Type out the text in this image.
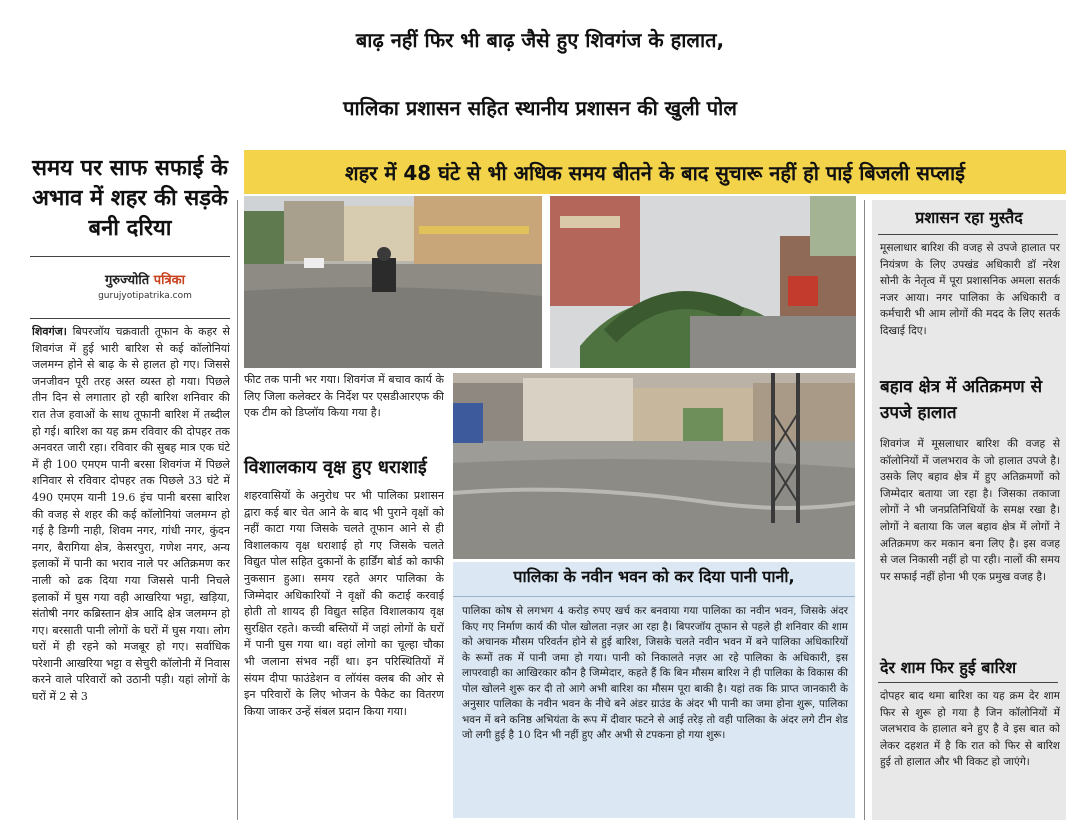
बाढ़ नहीं फिर भी बाढ़ जैसे हुए शिवगंज के हालात,
पालिका प्रशासन सहित स्थानीय प्रशासन की खुली पोल
शहर में 48 घंटे से भी अधिक समय बीतने के बाद सुचारू नहीं हो पाई बिजली सप्लाई
समय पर साफ सफाई के अभाव में शहर की सड़के बनी दरिया
गुरुज्योति पत्रिका
gurujyotipatrika.com
शिवगंज। बिपरजॉय चक्रवाती तूफान के कहर से शिवगंज में हुई भारी बारिश से कई कॉलोनियां जलमग्न होने से बाढ़ के से हालत हो गए। जिससे जनजीवन पूरी तरह अस्त व्यस्त हो गया। पिछले तीन दिन से लगातार हो रही बारिश शनिवार की रात तेज हवाओं के साथ तूफानी बारिश में तब्दील हो गई। बारिश का यह क्रम रविवार की दोपहर तक अनवरत जारी रहा। रविवार की सुबह मात्र एक घंटे में ही 100 एमएम पानी बरसा शिवगंज में पिछले शनिवार से रविवार दोपहर तक पिछले 33 घंटे में 490 एमएम यानी 19.6 इंच पानी बरसा बारिश की वजह से शहर की कई कॉलोनियां जलमग्न हो गई है डिग्गी नाही, शिवम नगर, गांधी नगर, कुंदन नगर, बैरागिया क्षेत्र, केसरपुरा, गणेश नगर, अन्य इलाकों में पानी का भराव नाले पर अतिक्रमण कर नाली को ढक दिया गया जिससे पानी निचले इलाकों में घुस गया वही आखरिया भट्टा, खड़िया, संतोषी नगर कब्रिस्तान क्षेत्र आदि क्षेत्र जलमग्न हो गए। बरसाती पानी लोगों के घरों में घुस गया। लोग घरों में ही रहने को मजबूर हो गए। सर्वाधिक परेशानी आखरिया भट्टा व सेचुरी कॉलोनी में निवास करने वाले परिवारों को उठानी पड़ी। यहां लोगों के घरों में 2 से 3
फीट तक पानी भर गया। शिवगंज में बचाव कार्य के लिए जिला कलेक्टर के निर्देश पर एसडीआरएफ की एक टीम को डिप्लॉय किया गया है।
विशालकाय वृक्ष हुए धराशाई
शहरवासियों के अनुरोध पर भी पालिका प्रशासन द्वारा कई बार चेत आने के बाद भी पुराने वृक्षों को नहीं काटा गया जिसके चलते तूफान आने से ही विशालकाय वृक्ष धराशाई हो गए जिसके चलते विद्युत पोल सहित दुकानों के हार्डिंग बोर्ड को काफी नुकसान हुआ। समय रहते अगर पालिका के जिम्मेदार अधिकारियों ने वृक्षों की कटाई करवाई होती तो शायद ही विद्युत सहित विशालकाय वृक्ष सुरक्षित रहते। कच्ची बस्तियों में जहां लोगों के घरों में पानी घुस गया था। वहां लोगो का चूल्हा चौका भी जलाना संभव नहीं था। इन परिस्थितियों में संयम दीपा फाउंडेशन व लॉयंस क्लब की ओर से इन परिवारों के लिए भोजन के पैकेट का वितरण किया जाकर उन्हें संबल प्रदान किया गया।
पालिका के नवीन भवन को कर दिया पानी पानी,
पालिका कोष से लगभग 4 करोड़ रुपए खर्च कर बनवाया गया पालिका का नवीन भवन, जिसके अंदर किए गए निर्माण कार्य की पोल खोलता नज़र आ रहा है। बिपरजॉय तूफान से पहले ही शनिवार की शाम को अचानक मौसम परिवर्तन होने से हुई बारिश, जिसके चलते नवीन भवन में बने पालिका अधिकारियों के रूमों तक में पानी जमा हो गया। पानी को निकालते नज़र आ रहे पालिका के अधिकारी, इस लापरवाही का आखिरकार कौन है जिम्मेदार, कहते हैं कि बिन मौसम बारिश ने ही पालिका के विकास की पोल खोलने शुरू कर दी तो आगे अभी बारिश का मौसम पूरा बाकी है। यहां तक कि प्राप्त जानकारी के अनुसार पालिका के नवीन भवन के नीचे बने अंडर ग्राउंड के अंदर भी पानी का जमा होना शुरू, पालिका भवन में बने कनिष्ठ अभियंता के रूप में दीवार फटने से आई तरेड़ तो वही पालिका के अंदर लगे टीन शेड जो लगी हुई है 10 दिन भी नहीं हुए और अभी से टपकना हो गया शुरू।
प्रशासन रहा मुस्तैद
मूसलाधार बारिश की वजह से उपजे हालात पर नियंत्रण के लिए उपखंड अधिकारी डॉ नरेश सोनी के नेतृत्व में पूरा प्रशासनिक अमला सतर्क नजर आया। नगर पालिका के अधिकारी व कर्मचारी भी आम लोगों की मदद के लिए सतर्क दिखाई दिए।
बहाव क्षेत्र में अतिक्रमण से उपजे हालात
शिवगंज में मूसलाधार बारिश की वजह से कॉलोनियों में जलभराव के जो हालात उपजे है। उसके लिए बहाव क्षेत्र में हुए अतिक्रमणों को जिम्मेदार बताया जा रहा है। जिसका तकाजा लोगों ने भी जनप्रतिनिधियों के समक्ष रखा है। लोगों ने बताया कि जल बहाव क्षेत्र में लोगों ने अतिक्रमण कर मकान बना लिए है। इस वजह से जल निकासी नहीं हो पा रही। नालों की समय पर सफाई नहीं होना भी एक प्रमुख वजह है।
देर शाम फिर हुई बारिश
दोपहर बाद थमा बारिश का यह क्रम देर शाम फिर से शुरू हो गया है जिन कॉलोनियों में जलभराव के हालात बने हुए है वे इस बात को लेकर दहशत में है कि रात को फिर से बारिश हुई तो हालात और भी विकट हो जाएंगे।
